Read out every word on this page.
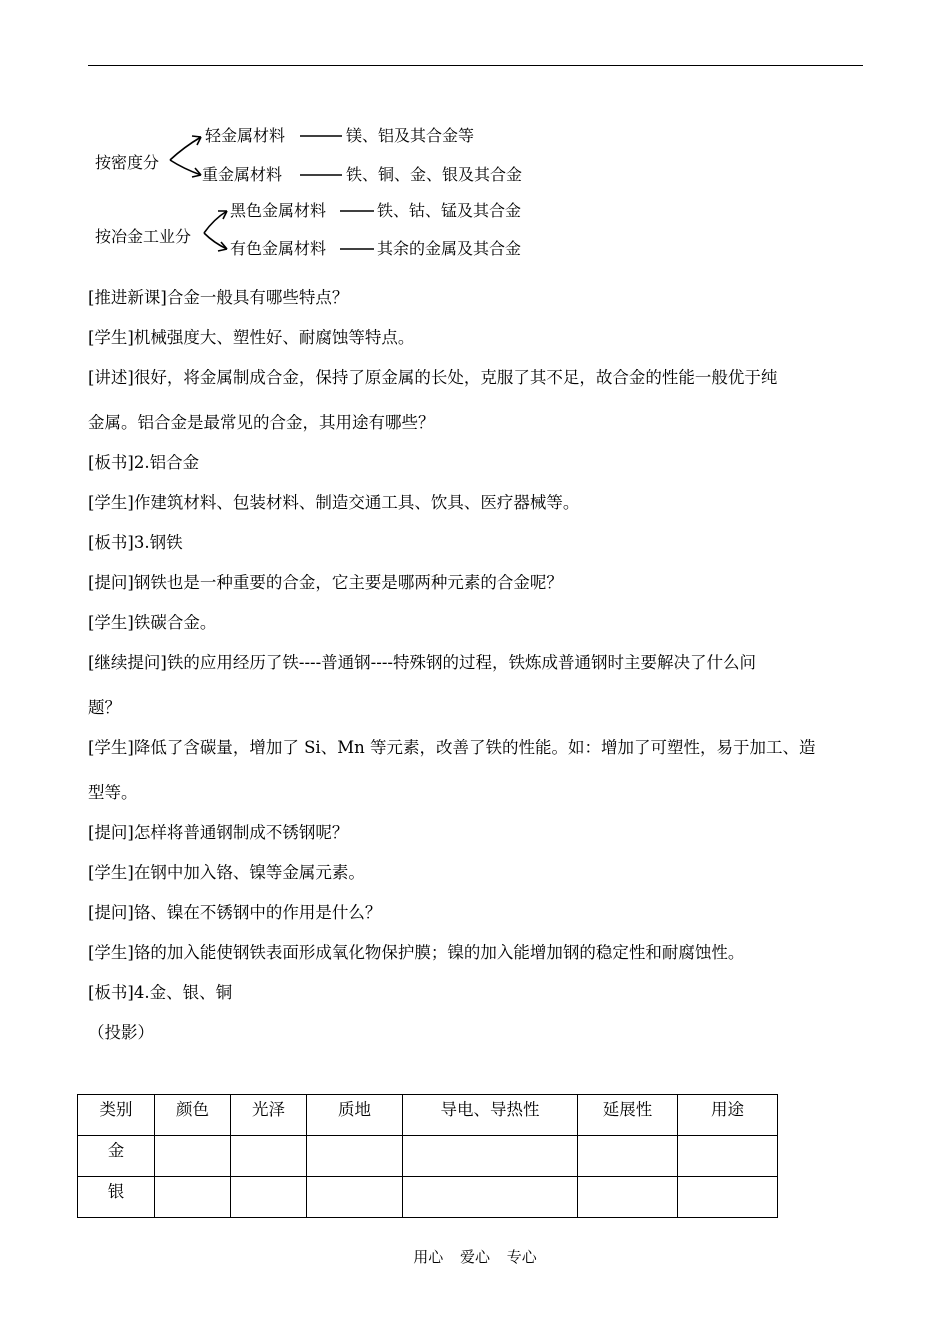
按密度分
轻金属材料	镁、铝及其合金等
重金属材料	铁、铜、金、银及其合金
按冶金工业分
黑色金属材料	铁、钴、锰及其合金
有色金属材料	其余的金属及其合金
[推进新课]合金一般具有哪些特点？
[学生]机械强度大、塑性好、耐腐蚀等特点。
[讲述]很好，将金属制成合金，保持了原金属的长处，克服了其不足，故合金的性能一般优于纯
金属。铝合金是最常见的合金，其用途有哪些？
[板书]2.铝合金
[学生]作建筑材料、包装材料、制造交通工具、饮具、医疗器械等。
[板书]3.钢铁
[提问]钢铁也是一种重要的合金，它主要是哪两种元素的合金呢？
[学生]铁碳合金。
[继续提问]铁的应用经历了铁----普通钢----特殊钢的过程，铁炼成普通钢时主要解决了什么问
题？
[学生]降低了含碳量，增加了 Si、Mn 等元素，改善了铁的性能。如：增加了可塑性，易于加工、造
型等。
[提问]怎样将普通钢制成不锈钢呢？
[学生]在钢中加入铬、镍等金属元素。
[提问]铬、镍在不锈钢中的作用是什么？
[学生]铬的加入能使钢铁表面形成氧化物保护膜；镍的加入能增加钢的稳定性和耐腐蚀性。
[板书]4.金、银、铜
（投影）
类别	颜色	光泽	质地	导电、导热性	延展性	用途
金						
银						
用心 爱心 专心
